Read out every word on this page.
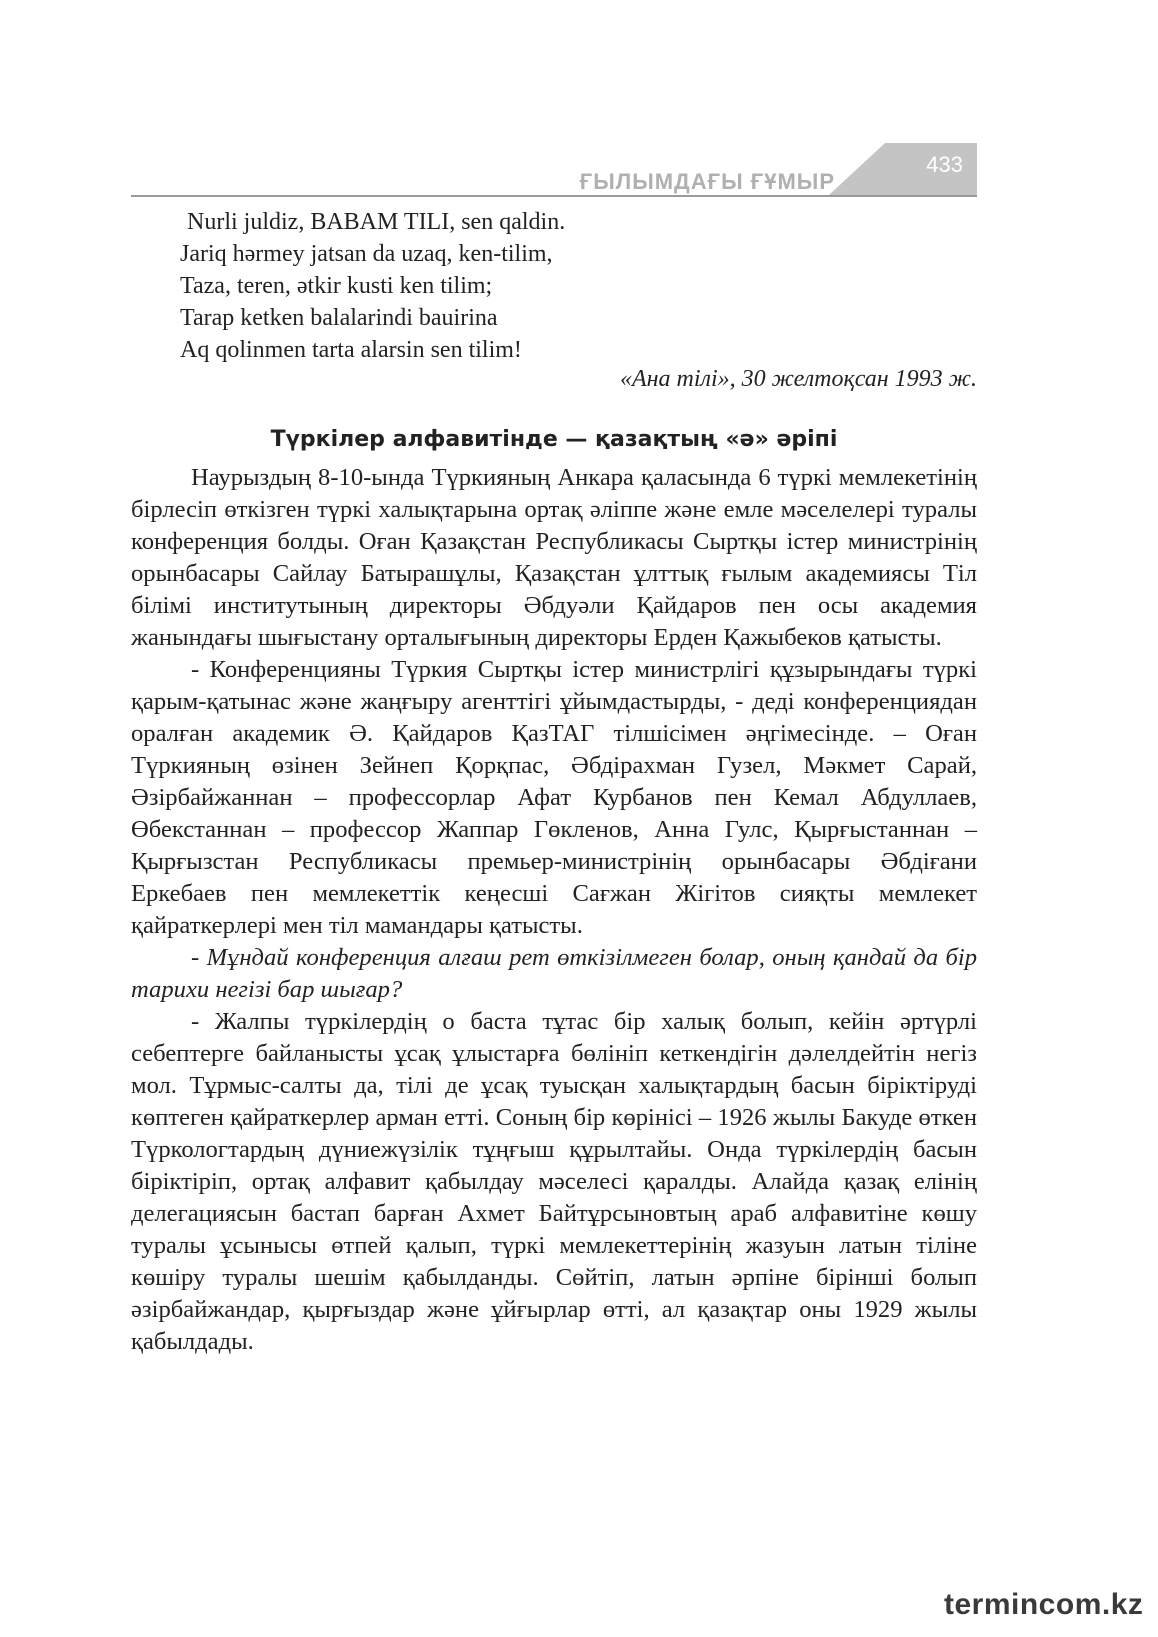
ҒЫЛЫМДАҒЫ ҒҰМЫР
433
Nurli juldiz, BABAM TILI, sen qaldin.
Jariq hərmey jatsan da uzaq, ken-tilim,
Taza, teren, ətkir kusti ken tilim;
Tarap ketken balalarindi bauirina
Aq qolinmen tarta alarsin sen tilim!
«Ана тілі», 30 желтоқсан 1993 ж.
Түркілер алфавитінде — қазақтың «ә» әріпі

Наурыздың 8-10-ында Түркияның Анкара қаласында 6 түркі мемлекетінің бірлесіп өткізген түркі халықтарына ортақ әліппе және емле мәселелері туралы конференция болды. Оған Қазақстан Республикасы Сыртқы істер министрінің орынбасары Сайлау Батырашұлы, Қазақстан ұлттық ғылым академиясы Тіл білімі институтының директоры Әбдуәли Қайдаров пен осы академия жанындағы шығыстану орталығының директоры Ерден Қажыбеков қатысты.

- Конференцияны Түркия Сыртқы істер министрлігі құзырындағы түркі қарым-қатынас және жаңғыру агенттігі ұйымдастырды, - деді конференциядан оралған академик Ә. Қайдаров ҚазТАГ тілшісімен әңгімесінде. – Оған Түркияның өзінен Зейнеп Қорқпас, Әбдірахман Гузел, Мәкмет Сарай, Әзірбайжаннан – профессорлар Афат Курбанов пен Кемал Абдуллаев, Өбекстаннан – профессор Жаппар Гөкленов, Анна Гулс, Қырғыстаннан – Қырғызстан Республикасы премьер-министрінің орынбасары Әбдіғани Еркебаев пен мемлекеттік кеңесші Сағжан Жігітов сияқты мемлекет қайраткерлері мен тіл мамандары қатысты.

- Мұндай конференция алғаш рет өткізілмеген болар, оның қандай да бір тарихи негізі бар шығар?

- Жалпы түркілердің о баста тұтас бір халық болып, кейін әртүрлі себептерге байланысты ұсақ ұлыстарға бөлініп кеткендігін дәлелдейтін негіз мол. Тұрмыс-салты да, тілі де ұсақ туысқан халықтардың басын біріктіруді көптеген қайраткерлер арман етті. Соның бір көрінісі – 1926 жылы Бакуде өткен Түркологтардың дүниежүзілік тұңғыш құрылтайы. Онда түркілердің басын біріктіріп, ортақ алфавит қабылдау мәселесі қаралды. Алайда қазақ елінің делегациясын бастап барған Ахмет Байтұрсыновтың араб алфавитіне көшу туралы ұсынысы өтпей қалып, түркі мемлекеттерінің жазуын латын тіліне көшіру туралы шешім қабылданды. Сөйтіп, латын әрпіне бірінші болып әзірбайжандар, қырғыздар және ұйғырлар өтті, ал қазақтар оны 1929 жылы қабылдады.

termincom.kz
